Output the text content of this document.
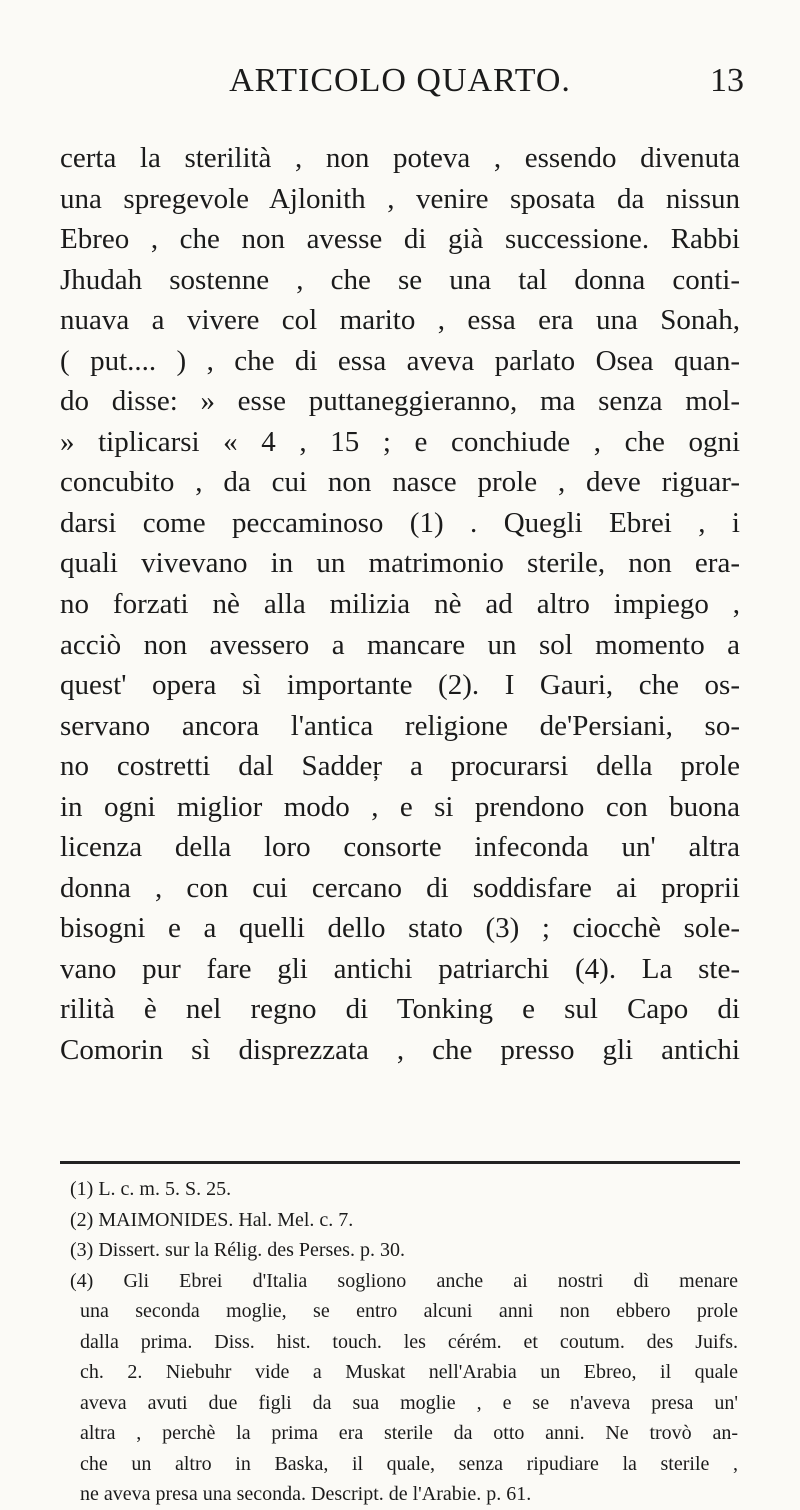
ARTICOLO QUARTO.	13
certa la sterilità , non poteva , essendo divenuta
una spregevole Ajlonith , venire sposata da nissun
Ebreo , che non avesse di già successione. Rabbi
Jhudah sostenne , che se una tal donna conti-
nuava a vivere col marito , essa era una Sonah,
( put.... ) , che di essa aveva parlato Osea quan-
do disse: » esse puttaneggieranno, ma senza mol-
» tiplicarsi « 4 , 15 ; e conchiude , che ogni
concubito , da cui non nasce prole , deve riguar-
darsi come peccaminoso (1) . Quegli Ebrei , i
quali vivevano in un matrimonio sterile, non era-
no forzati nè alla milizia nè ad altro impiego ,
acciò non avessero a mancare un sol momento a
quest' opera sì importante (2). I Gauri, che os-
servano ancora l'antica religione de'Persiani, so-
no costretti dal Saddeŗ a procurarsi della prole
in ogni miglior modo , e si prendono con buona
licenza della loro consorte infeconda un' altra
donna , con cui cercano di soddisfare ai proprii
bisogni e a quelli dello stato (3) ; ciocchè sole-
vano pur fare gli antichi patriarchi (4). La ste-
rilità è nel regno di Tonking e sul Capo di
Comorin sì disprezzata , che presso gli antichi
(1) L. c. m. 5. S. 25.
(2) MAIMONIDES. Hal. Mel. c. 7.
(3) Dissert. sur la Rélig. des Perses. p. 30.
(4) Gli Ebrei d'Italia sogliono anche ai nostri dì menare
una seconda moglie, se entro alcuni anni non ebbero prole
dalla prima. Diss. hist. touch. les cérém. et coutum. des Juifs.
ch. 2. Niebuhr vide a Muskat nell'Arabia un Ebreo, il quale
aveva avuti due figli da sua moglie , e se n'aveva presa un'
altra , perchè la prima era sterile da otto anni. Ne trovò an-
che un altro in Baska, il quale, senza ripudiare la sterile ,
ne aveva presa una seconda. Descript. de l'Arabie. p. 61.
